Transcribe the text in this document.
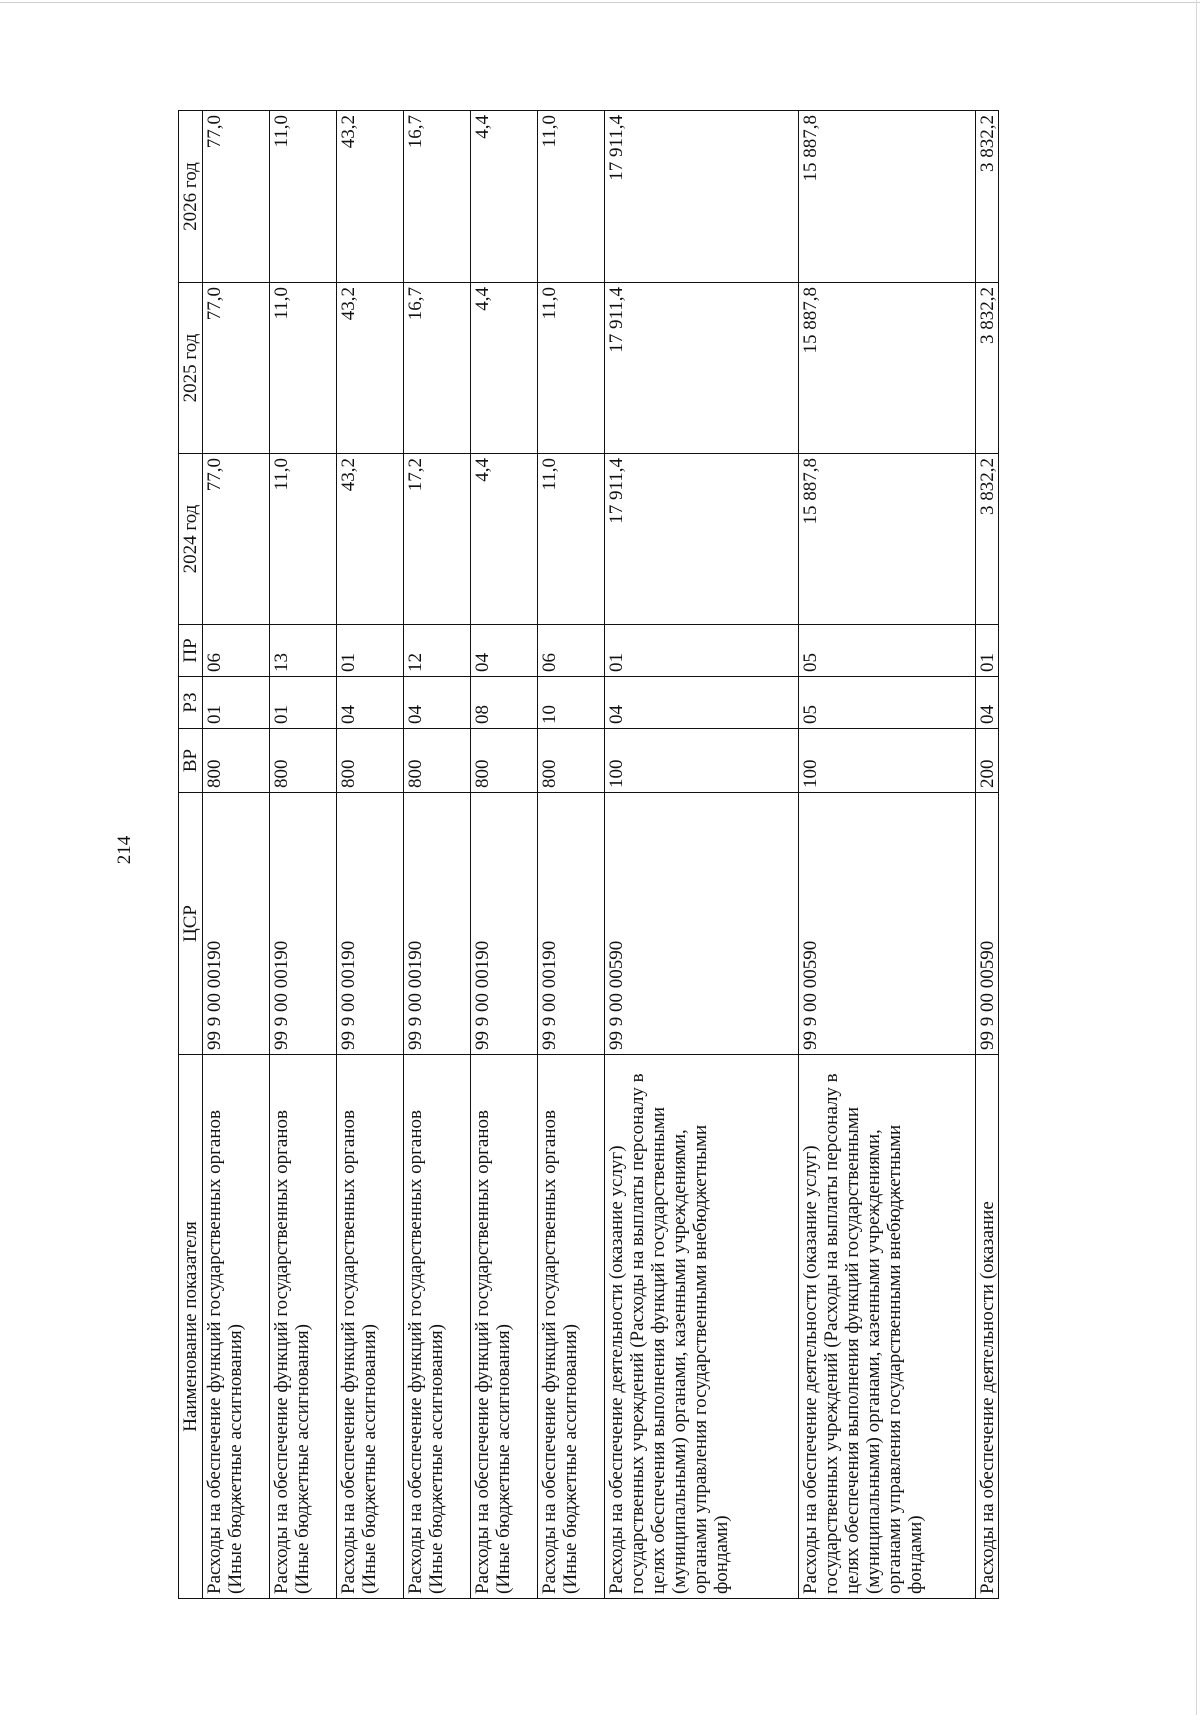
214
Наименование показателя	ЦСР	ВР	РЗ	ПР	2024 год	2025 год	2026 год
Расходы на обеспечение функций государственных органов (Иные бюджетные ассигнования)	99 9 00 00190	800	01	06	77,0	77,0	77,0
Расходы на обеспечение функций государственных органов (Иные бюджетные ассигнования)	99 9 00 00190	800	01	13	11,0	11,0	11,0
Расходы на обеспечение функций государственных органов (Иные бюджетные ассигнования)	99 9 00 00190	800	04	01	43,2	43,2	43,2
Расходы на обеспечение функций государственных органов (Иные бюджетные ассигнования)	99 9 00 00190	800	04	12	17,2	16,7	16,7
Расходы на обеспечение функций государственных органов (Иные бюджетные ассигнования)	99 9 00 00190	800	08	04	4,4	4,4	4,4
Расходы на обеспечение функций государственных органов (Иные бюджетные ассигнования)	99 9 00 00190	800	10	06	11,0	11,0	11,0
Расходы на обеспечение деятельности (оказание услуг) государственных учреждений (Расходы на выплаты персоналу в целях обеспечения выполнения функций государственными (муниципальными) органами, казенными учреждениями, органами управления государственными внебюджетными фондами)	99 9 00 00590	100	04	01	17 911,4	17 911,4	17 911,4
Расходы на обеспечение деятельности (оказание услуг) государственных учреждений (Расходы на выплаты персоналу в целях обеспечения выполнения функций государственными (муниципальными) органами, казенными учреждениями, органами управления государственными внебюджетными фондами)	99 9 00 00590	100	05	05	15 887,8	15 887,8	15 887,8
Расходы на обеспечение деятельности (оказание	99 9 00 00590	200	04	01	3 832,2	3 832,2	3 832,2
